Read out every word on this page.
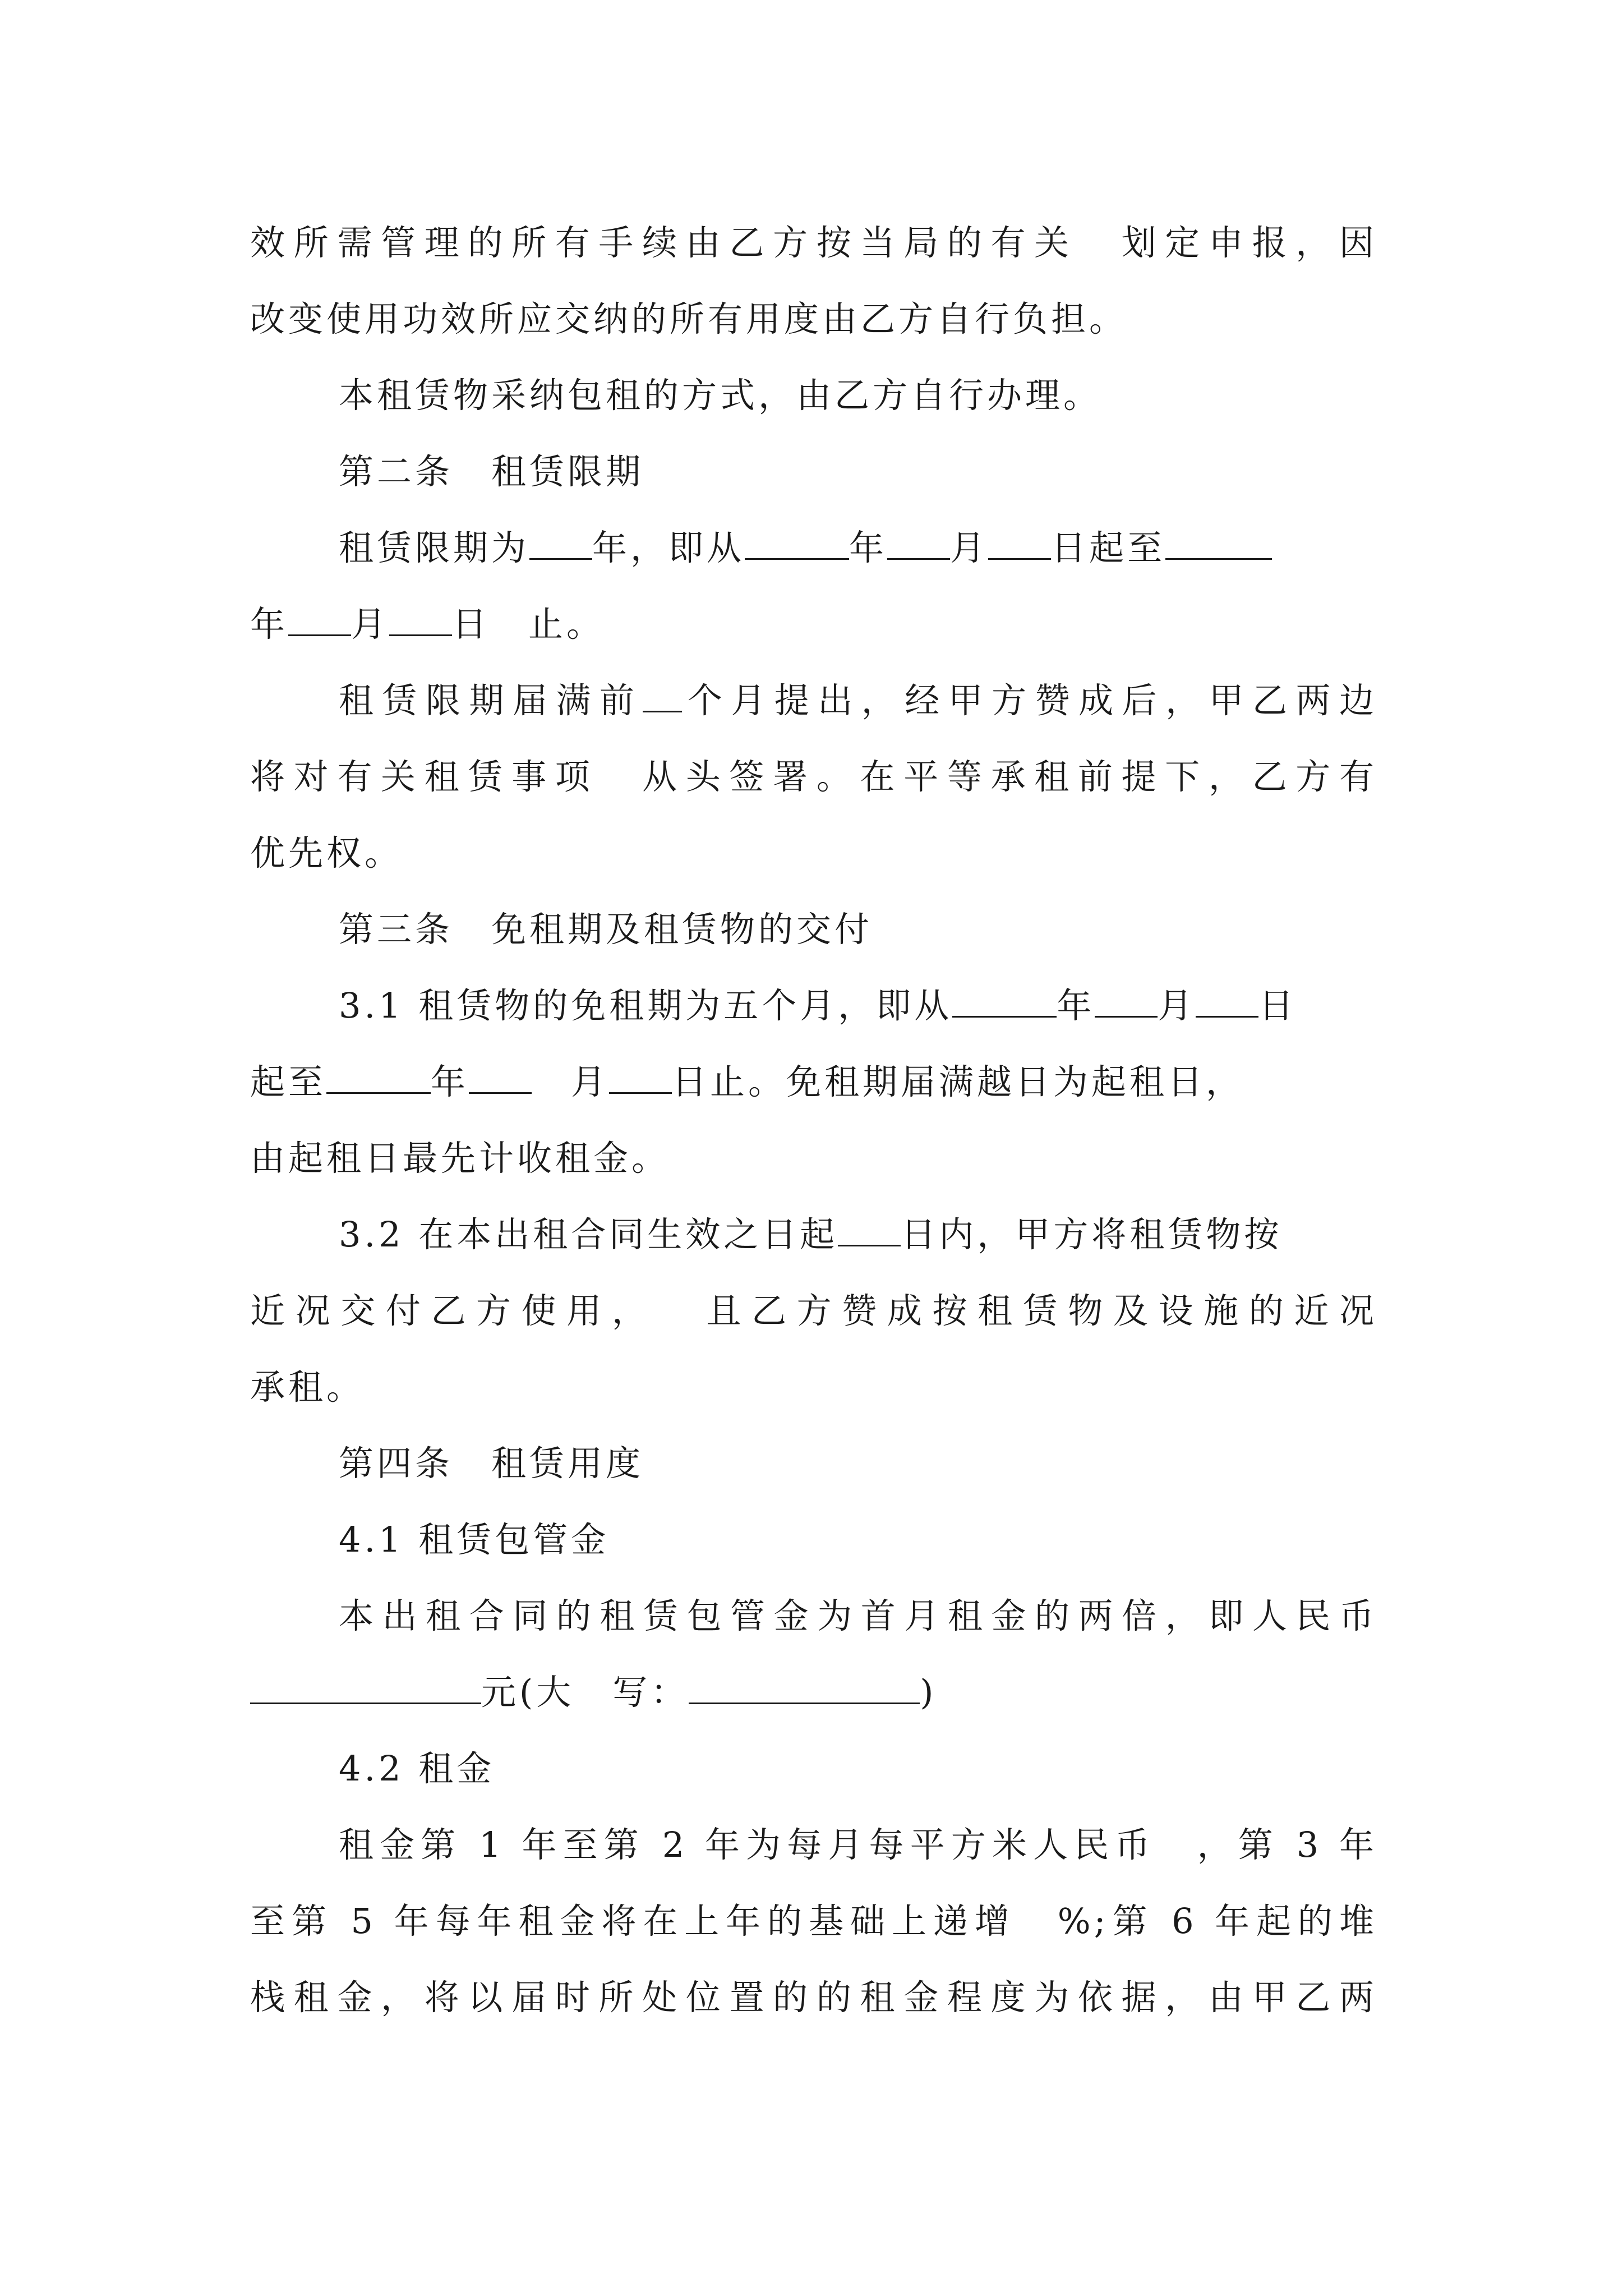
效所需管理的所有手续由乙方按当局的有关　划定申报，因
改变使用功效所应交纳的所有用度由乙方自行负担。
本租赁物采纳包租的方式，由乙方自行办理。
第二条　租赁限期
租赁限期为 年，即从	年 月 日起至
年 月 日　止。
租赁限期届满前 个月提出，经甲方赞成后，甲乙两边
将对有关租赁事项　从头签署。在平等承租前提下，乙方有
优先权。
第三条　免租期及租赁物的交付
3.1 租赁物的免租期为五个月，即从	年 月 日
起至	年	月 日止。免租期届满越日为起租日，
由起租日最先计收租金。
3.2 在本出租合同生效之日起 日内，甲方将租赁物按
近况交付乙方使用，　 且乙方赞成按租赁物及设施的近况
承租。
第四条　租赁用度
4.1 租赁包管金
本出租合同的租赁包管金为首月租金的两倍，即人民币
元(大　写：	)
4.2 租金
租金第 1 年至第 2 年为每月每平方米人民币　，第 3 年
至第 5 年每年租金将在上年的基础上递增　%;第 6 年起的堆
栈租金，将以届时所处位置的的租金程度为依据，由甲乙两
